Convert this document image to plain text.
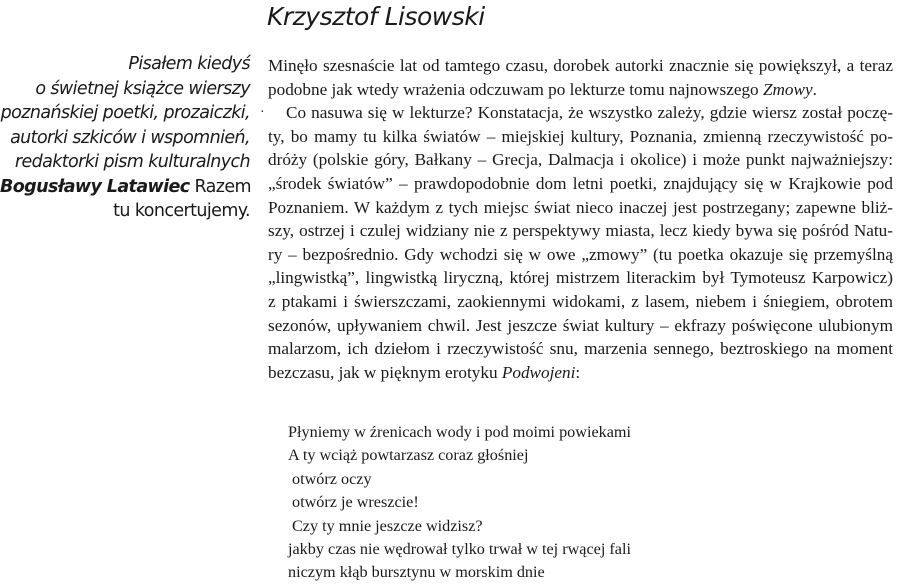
Krzysztof Lisowski
Pisałem kiedyś
o świetnej książce wierszy
poznańskiej poetki, prozaiczki,
autorki szkiców i wspomnień,
redaktorki pism kulturalnych
Bogusławy Latawiec Razem
tu koncertujemy.
Minęło szesnaście lat od tamtego czasu, dorobek autorki znacznie się powiększył, a teraz
podobne jak wtedy wrażenia odczuwam po lekturze tomu najnowszego Zmowy.
· Co nasuwa się w lekturze? Konstatacja, że wszystko zależy, gdzie wiersz został poczę-
ty, bo mamy tu kilka światów – miejskiej kultury, Poznania, zmienną rzeczywistość po-
dróży (polskie góry, Bałkany – Grecja, Dalmacja i okolice) i może punkt najważniejszy:
„środek światów” – prawdopodobnie dom letni poetki, znajdujący się w Krajkowie pod
Poznaniem. W każdym z tych miejsc świat nieco inaczej jest postrzegany; zapewne bliż-
szy, ostrzej i czulej widziany nie z perspektywy miasta, lecz kiedy bywa się pośród Natu-
ry – bezpośrednio. Gdy wchodzi się w owe „zmowy” (tu poetka okazuje się przemyślną
„lingwistką”, lingwistką liryczną, której mistrzem literackim był Tymoteusz Karpowicz)
z ptakami i świerszczami, zaokiennymi widokami, z lasem, niebem i śniegiem, obrotem
sezonów, upływaniem chwil. Jest jeszcze świat kultury – ekfrazy poświęcone ulubionym
malarzom, ich dziełom i rzeczywistość snu, marzenia sennego, beztroskiego na moment
bezczasu, jak w pięknym erotyku Podwojeni:
Płyniemy w źrenicach wody i pod moimi powiekami
A ty wciąż powtarzasz coraz głośniej
otwórz oczy
otwórz je wreszcie!
Czy ty mnie jeszcze widzisz?
jakby czas nie wędrował tylko trwał w tej rwącej fali
niczym kłąb bursztynu w morskim dnie
